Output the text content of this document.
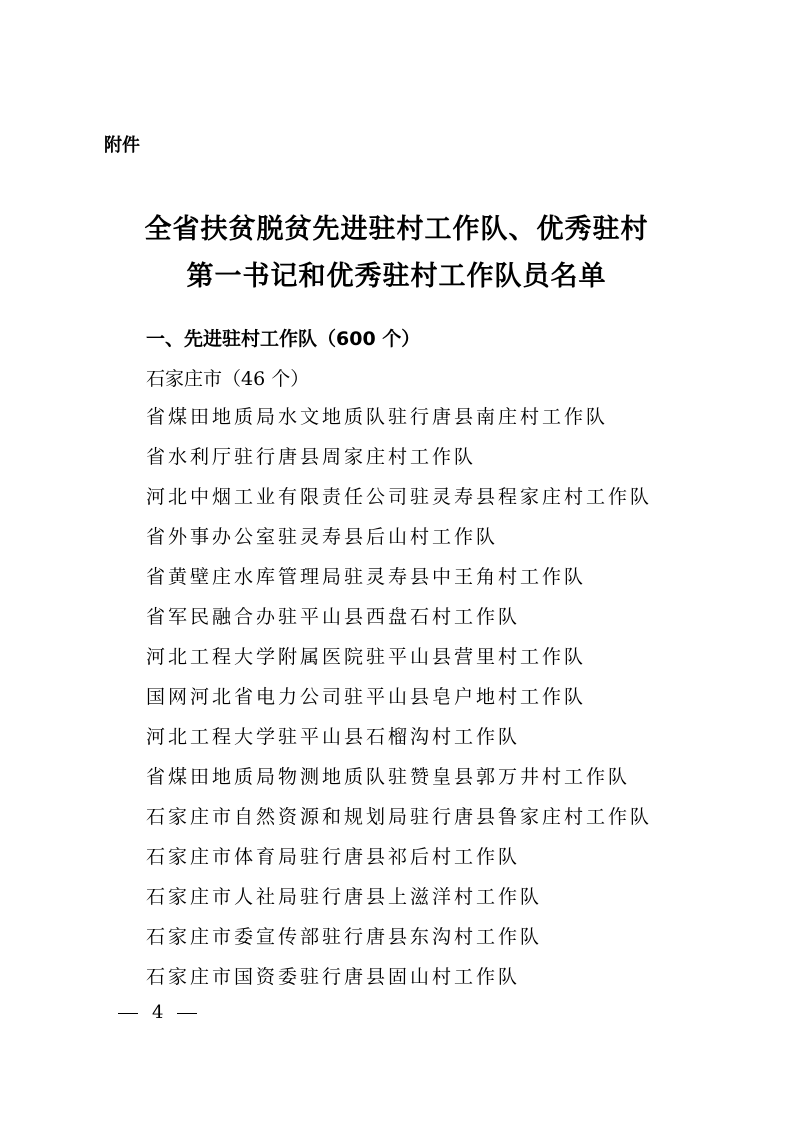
附件
全省扶贫脱贫先进驻村工作队、优秀驻村
第一书记和优秀驻村工作队员名单
一、先进驻村工作队（600 个）
石家庄市（46 个）
省煤田地质局水文地质队驻行唐县南庄村工作队
省水利厅驻行唐县周家庄村工作队
河北中烟工业有限责任公司驻灵寿县程家庄村工作队
省外事办公室驻灵寿县后山村工作队
省黄壁庄水库管理局驻灵寿县中王角村工作队
省军民融合办驻平山县西盘石村工作队
河北工程大学附属医院驻平山县营里村工作队
国网河北省电力公司驻平山县皂户地村工作队
河北工程大学驻平山县石榴沟村工作队
省煤田地质局物测地质队驻赞皇县郭万井村工作队
石家庄市自然资源和规划局驻行唐县鲁家庄村工作队
石家庄市体育局驻行唐县祁后村工作队
石家庄市人社局驻行唐县上滋洋村工作队
石家庄市委宣传部驻行唐县东沟村工作队
石家庄市国资委驻行唐县固山村工作队
4
